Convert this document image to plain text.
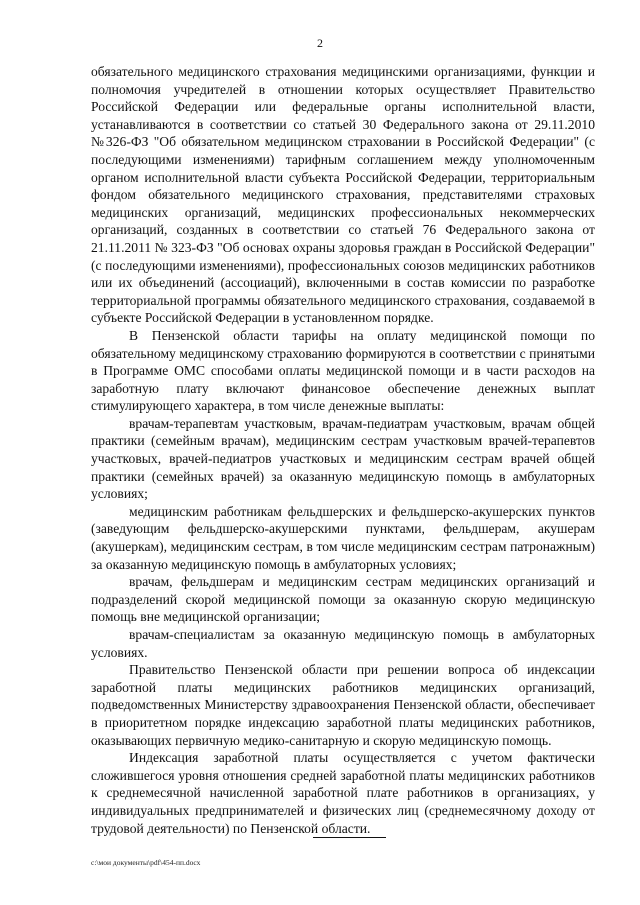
2

обязательного медицинского страхования медицинскими организациями, функции и полномочия учредителей в отношении которых осуществляет Правительство Российской Федерации или федеральные органы исполнительной власти, устанавливаются в соответствии со статьей 30 Федерального закона от 29.11.2010 №326-ФЗ "Об обязательном медицинском страховании в Российской Федерации" (с последующими изменениями) тарифным соглашением между уполномоченным органом исполнительной власти субъекта Российской Федерации, территориальным фондом обязательного медицинского страхования, представителями страховых медицинских организаций, медицинских профессиональных некоммерческих организаций, созданных в соответствии со статьей 76 Федерального закона от 21.11.2011 № 323-ФЗ "Об основах охраны здоровья граждан в Российской Федерации" (с последующими изменениями), профессиональных союзов медицинских работников или их объединений (ассоциаций), включенными в состав комиссии по разработке территориальной программы обязательного медицинского страхования, создаваемой в субъекте Российской Федерации в установленном порядке.

В Пензенской области тарифы на оплату медицинской помощи по обязательному медицинскому страхованию формируются в соответствии с принятыми в Программе ОМС способами оплаты медицинской помощи и в части расходов на заработную плату включают финансовое обеспечение денежных выплат стимулирующего характера, в том числе денежные выплаты:

врачам-терапевтам участковым, врачам-педиатрам участковым, врачам общей практики (семейным врачам), медицинским сестрам участковым врачей-терапевтов участковых, врачей-педиатров участковых и медицинским сестрам врачей общей практики (семейных врачей) за оказанную медицинскую помощь в амбулаторных условиях;

медицинским работникам фельдшерских и фельдшерско-акушерских пунктов (заведующим фельдшерско-акушерскими пунктами, фельдшерам, акушерам (акушеркам), медицинским сестрам, в том числе медицинским сестрам патронажным) за оказанную медицинскую помощь в амбулаторных условиях;

врачам, фельдшерам и медицинским сестрам медицинских организаций и подразделений скорой медицинской помощи за оказанную скорую медицинскую помощь вне медицинской организации;

врачам-специалистам за оказанную медицинскую помощь в амбулаторных условиях.

Правительство Пензенской области при решении вопроса об индексации заработной платы медицинских работников медицинских организаций, подведомственных Министерству здравоохранения Пензенской области, обеспечивает в приоритетном порядке индексацию заработной платы медицинских работников, оказывающих первичную медико-санитарную и скорую медицинскую помощь.

Индексация заработной платы осуществляется с учетом фактически сложившегося уровня отношения средней заработной платы медицинских работников к среднемесячной начисленной заработной плате работников в организациях, у индивидуальных предпринимателей и физических лиц (среднемесячному доходу от трудовой деятельности) по Пензенской области.

c:\мои документы\pdf\454-пп.docx
